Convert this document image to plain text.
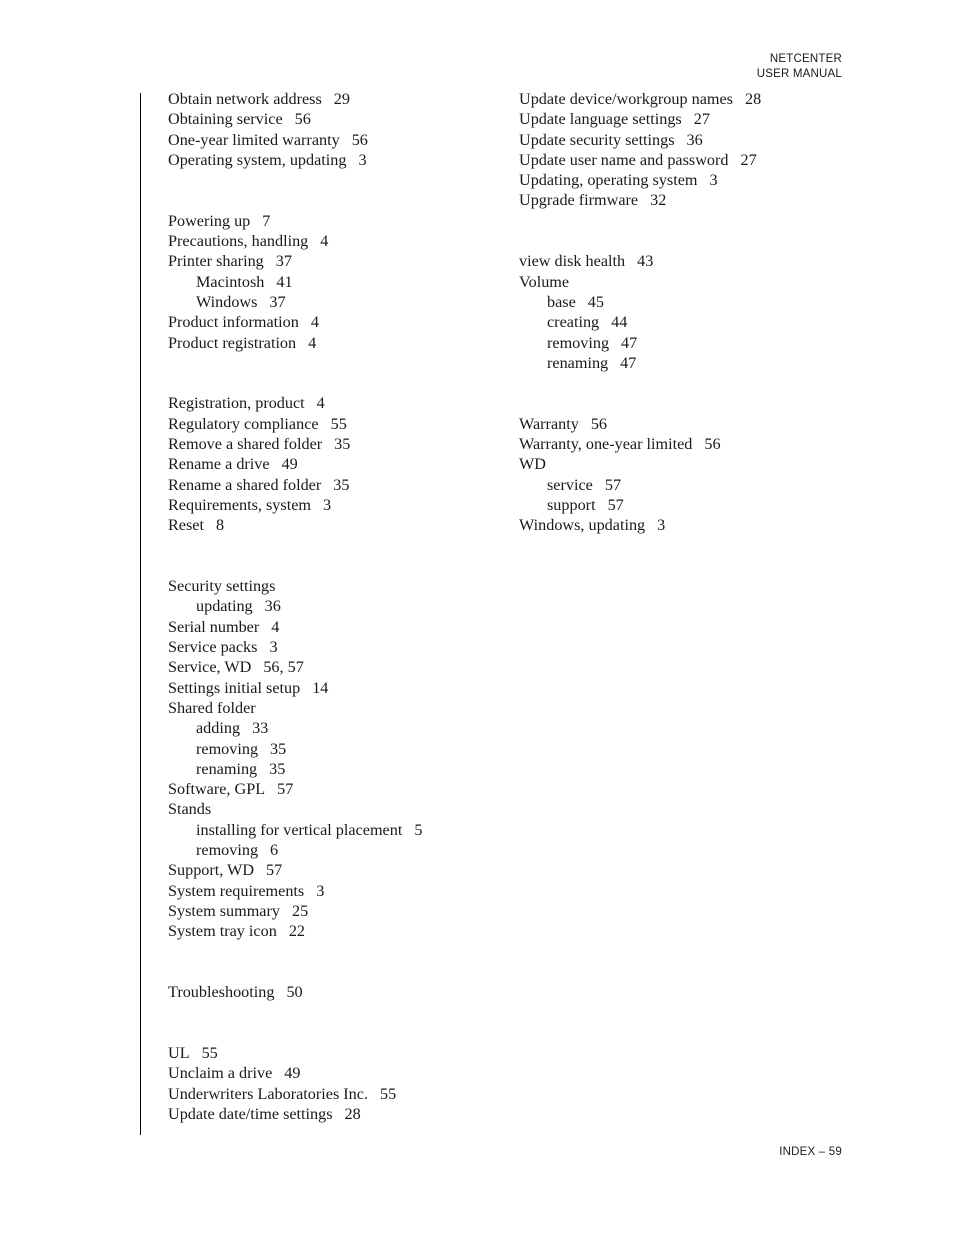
NETCENTER
USER MANUAL
Obtain network address 29
Obtaining service 56
One-year limited warranty 56
Operating system, updating 3
Powering up 7
Precautions, handling 4
Printer sharing 37
Macintosh 41
Windows 37
Product information 4
Product registration 4
Registration, product 4
Regulatory compliance 55
Remove a shared folder 35
Rename a drive 49
Rename a shared folder 35
Requirements, system 3
Reset 8
Security settings
updating 36
Serial number 4
Service packs 3
Service, WD 56, 57
Settings initial setup 14
Shared folder
adding 33
removing 35
renaming 35
Software, GPL 57
Stands
installing for vertical placement 5
removing 6
Support, WD 57
System requirements 3
System summary 25
System tray icon 22
Troubleshooting 50
UL 55
Unclaim a drive 49
Underwriters Laboratories Inc. 55
Update date/time settings 28
Update device/workgroup names 28
Update language settings 27
Update security settings 36
Update user name and password 27
Updating, operating system 3
Upgrade firmware 32
view disk health 43
Volume
base 45
creating 44
removing 47
renaming 47
Warranty 56
Warranty, one-year limited 56
WD
service 57
support 57
Windows, updating 3
INDEX – 59
